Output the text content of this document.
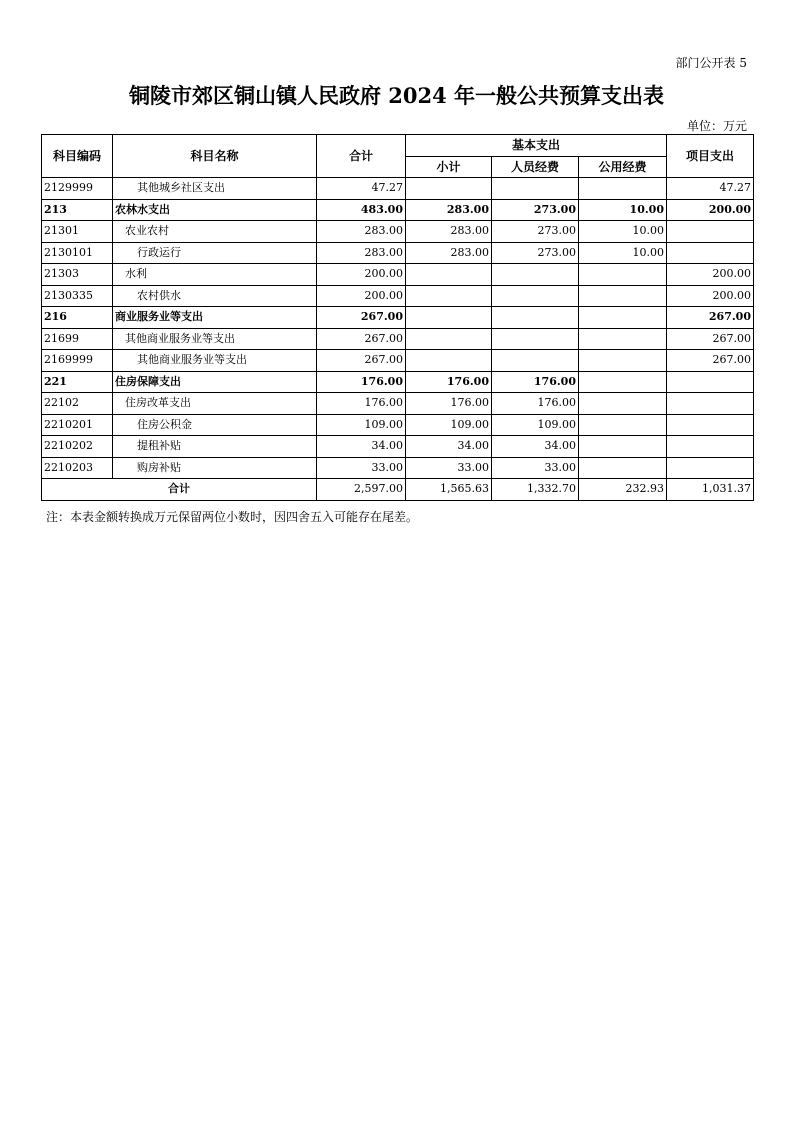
部门公开表 5
铜陵市郊区铜山镇人民政府 2024 年一般公共预算支出表
单位：万元
科目编码	科目名称	合计	基本支出			项目支出
			小计	人员经费	公用经费	
2129999	其他城乡社区支出	47.27				47.27
213	农林水支出	483.00	283.00	273.00	10.00	200.00
21301	农业农村	283.00	283.00	273.00	10.00	
2130101	行政运行	283.00	283.00	273.00	10.00	
21303	水利	200.00				200.00
2130335	农村供水	200.00				200.00
216	商业服务业等支出	267.00				267.00
21699	其他商业服务业等支出	267.00				267.00
2169999	其他商业服务业等支出	267.00				267.00
221	住房保障支出	176.00	176.00	176.00		
22102	住房改革支出	176.00	176.00	176.00		
2210201	住房公积金	109.00	109.00	109.00		
2210202	提租补贴	34.00	34.00	34.00		
2210203	购房补贴	33.00	33.00	33.00		
合计		2,597.00	1,565.63	1,332.70	232.93	1,031.37
注：本表金额转换成万元保留两位小数时，因四舍五入可能存在尾差。
